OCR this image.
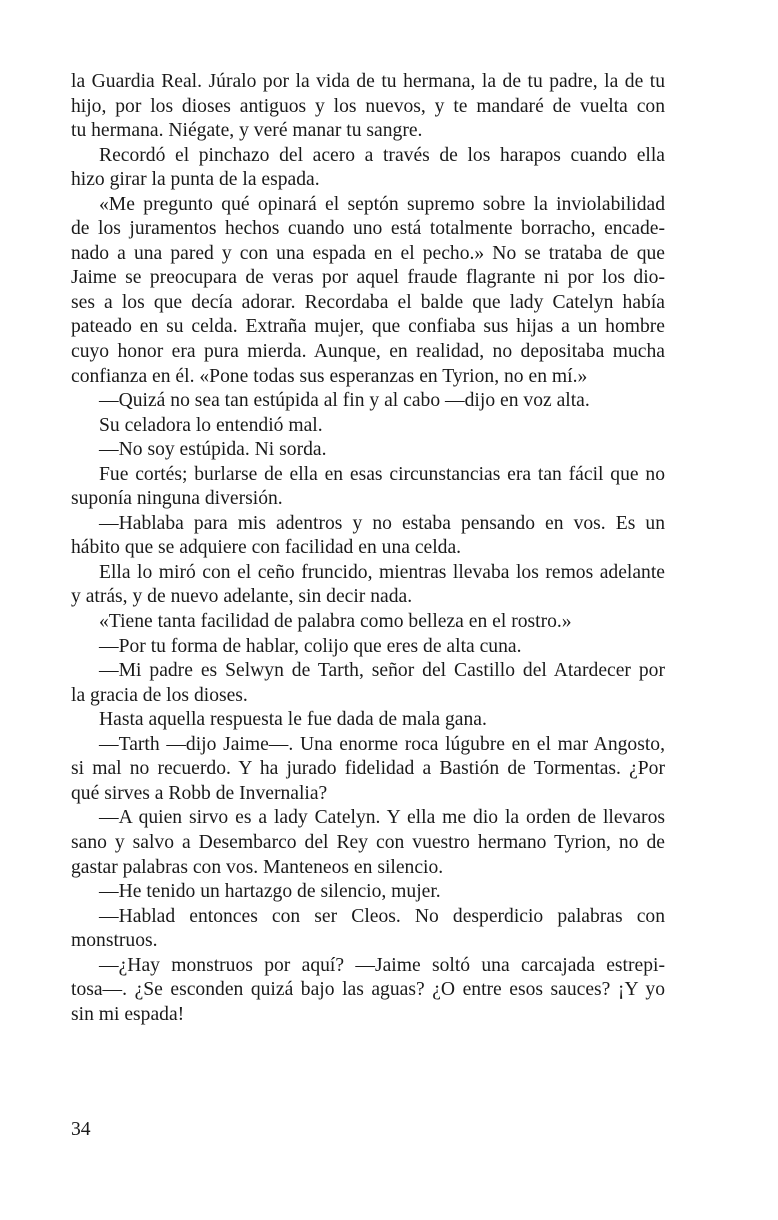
la Guardia Real. Júralo por la vida de tu hermana, la de tu padre, la de tu
hijo, por los dioses antiguos y los nuevos, y te mandaré de vuelta con
tu hermana. Niégate, y veré manar tu sangre.

Recordó el pinchazo del acero a través de los harapos cuando ella
hizo girar la punta de la espada.

«Me pregunto qué opinará el septón supremo sobre la inviolabilidad
de los juramentos hechos cuando uno está totalmente borracho, encade-
nado a una pared y con una espada en el pecho.» No se trataba de que
Jaime se preocupara de veras por aquel fraude flagrante ni por los dio-
ses a los que decía adorar. Recordaba el balde que lady Catelyn había
pateado en su celda. Extraña mujer, que confiaba sus hijas a un hombre
cuyo honor era pura mierda. Aunque, en realidad, no depositaba mucha
confianza en él. «Pone todas sus esperanzas en Tyrion, no en mí.»

—Quizá no sea tan estúpida al fin y al cabo —dijo en voz alta.

Su celadora lo entendió mal.

—No soy estúpida. Ni sorda.

Fue cortés; burlarse de ella en esas circunstancias era tan fácil que no
suponía ninguna diversión.

—Hablaba para mis adentros y no estaba pensando en vos. Es un
hábito que se adquiere con facilidad en una celda.

Ella lo miró con el ceño fruncido, mientras llevaba los remos adelante
y atrás, y de nuevo adelante, sin decir nada.

«Tiene tanta facilidad de palabra como belleza en el rostro.»

—Por tu forma de hablar, colijo que eres de alta cuna.

—Mi padre es Selwyn de Tarth, señor del Castillo del Atardecer por
la gracia de los dioses.

Hasta aquella respuesta le fue dada de mala gana.

—Tarth —dijo Jaime—. Una enorme roca lúgubre en el mar Angosto,
si mal no recuerdo. Y ha jurado fidelidad a Bastión de Tormentas. ¿Por
qué sirves a Robb de Invernalia?

—A quien sirvo es a lady Catelyn. Y ella me dio la orden de llevaros
sano y salvo a Desembarco del Rey con vuestro hermano Tyrion, no de
gastar palabras con vos. Manteneos en silencio.

—He tenido un hartazgo de silencio, mujer.

—Hablad entonces con ser Cleos. No desperdicio palabras con
monstruos.

—¿Hay monstruos por aquí? —Jaime soltó una carcajada estrepi-
tosa—. ¿Se esconden quizá bajo las aguas? ¿O entre esos sauces? ¡Y yo
sin mi espada!

34
